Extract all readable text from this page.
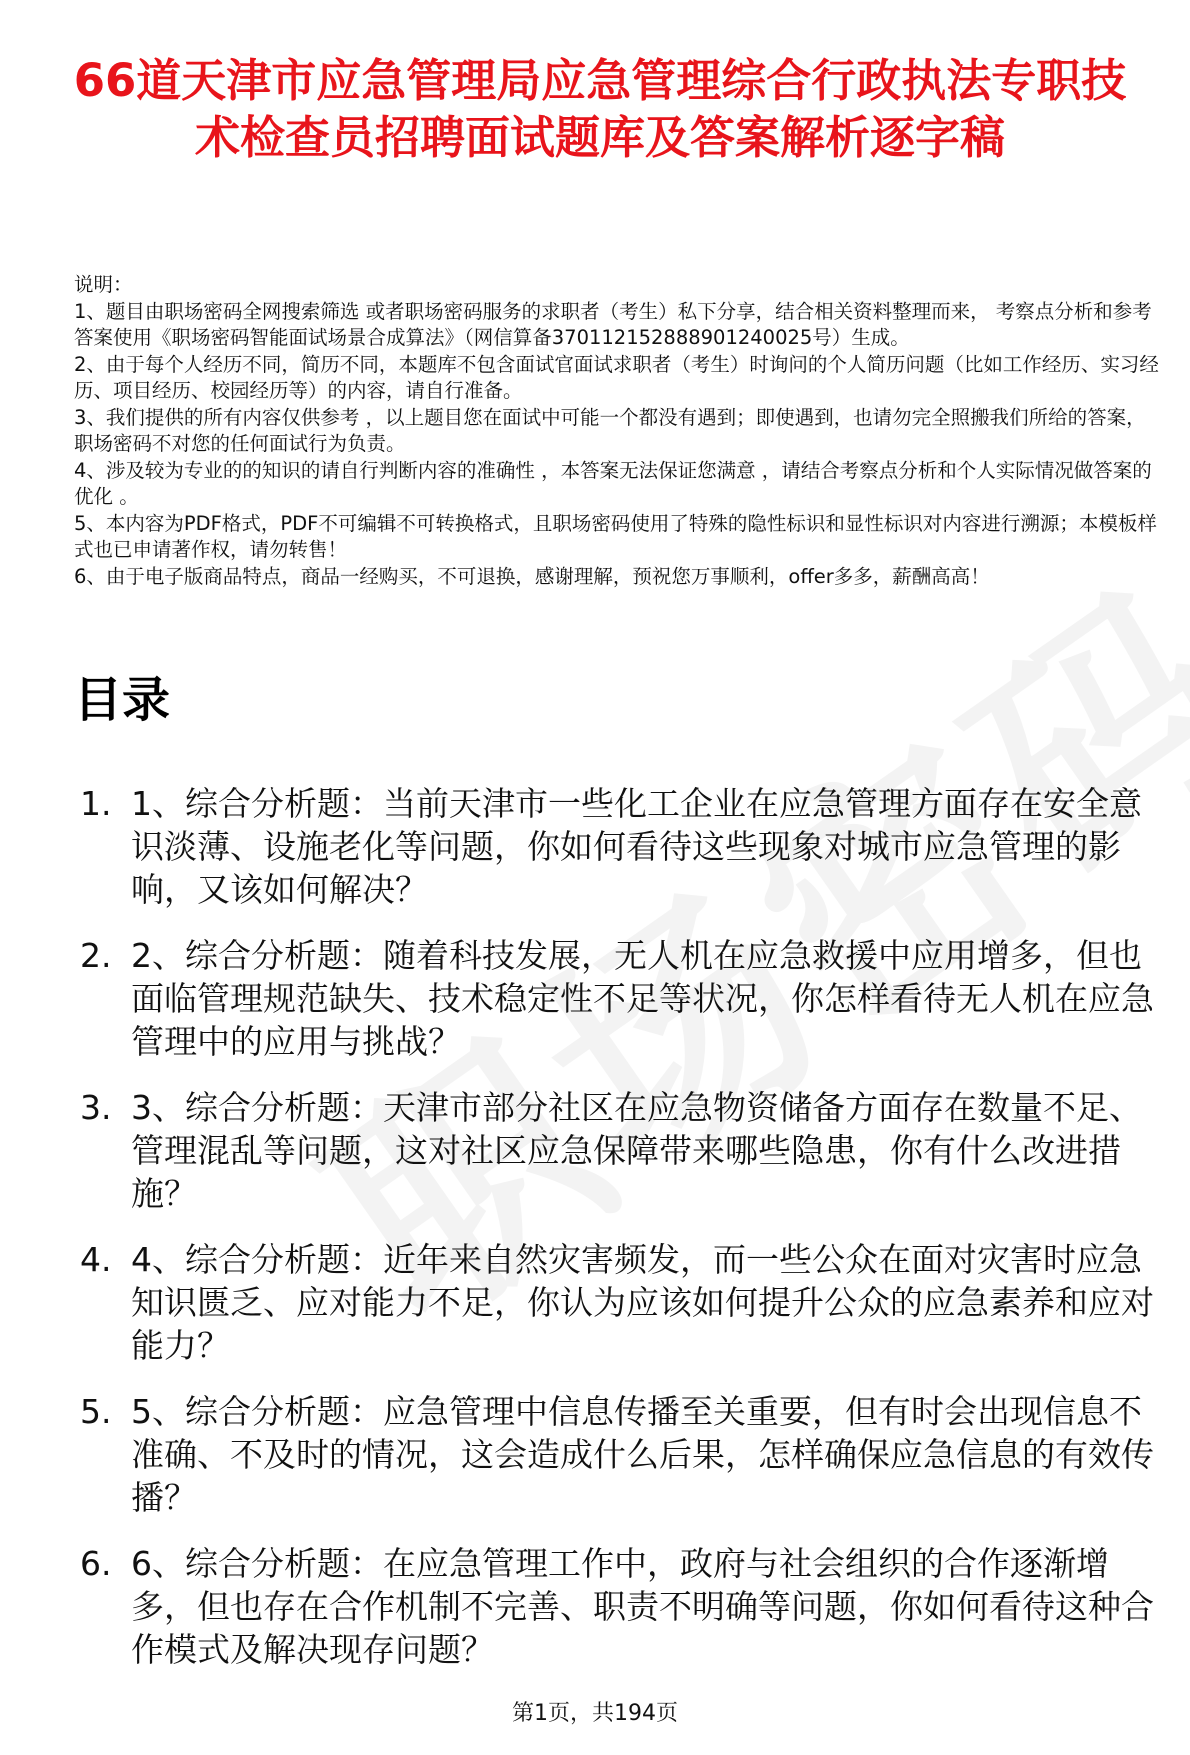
66道天津市应急管理局应急管理综合行政执法专职技术检查员招聘面试题库及答案解析逐字稿
说明：
1、题目由职场密码全网搜索筛选 或者职场密码服务的求职者（考生）私下分享，结合相关资料整理而来， 考察点分析和参考答案使用《职场密码智能面试场景合成算法》（网信算备370112152888901240025号）生成。
2、由于每个人经历不同，简历不同，本题库不包含面试官面试求职者（考生）时询问的个人简历问题（比如工作经历、实习经历、项目经历、校园经历等）的内容，请自行准备。
3、我们提供的所有内容仅供参考 ，以上题目您在面试中可能一个都没有遇到；即使遇到，也请勿完全照搬我们所给的答案，职场密码不对您的任何面试行为负责。
4、涉及较为专业的的知识的请自行判断内容的准确性 ，本答案无法保证您满意 ，请结合考察点分析和个人实际情况做答案的优化 。
5、本内容为PDF格式，PDF不可编辑不可转换格式，且职场密码使用了特殊的隐性标识和显性标识对内容进行溯源；本模板样式也已申请著作权，请勿转售！
6、由于电子版商品特点，商品一经购买，不可退换，感谢理解，预祝您万事顺利，offer多多，薪酬高高！
目录
1. 1、综合分析题：当前天津市一些化工企业在应急管理方面存在安全意识淡薄、设施老化等问题，你如何看待这些现象对城市应急管理的影响，又该如何解决？
2. 2、综合分析题：随着科技发展，无人机在应急救援中应用增多，但也面临管理规范缺失、技术稳定性不足等状况，你怎样看待无人机在应急管理中的应用与挑战？
3. 3、综合分析题：天津市部分社区在应急物资储备方面存在数量不足、管理混乱等问题，这对社区应急保障带来哪些隐患，你有什么改进措施？
4. 4、综合分析题：近年来自然灾害频发，而一些公众在面对灾害时应急知识匮乏、应对能力不足，你认为应该如何提升公众的应急素养和应对能力？
5. 5、综合分析题：应急管理中信息传播至关重要，但有时会出现信息不准确、不及时的情况，这会造成什么后果，怎样确保应急信息的有效传播？
6. 6、综合分析题：在应急管理工作中，政府与社会组织的合作逐渐增多，但也存在合作机制不完善、职责不明确等问题，你如何看待这种合作模式及解决现存问题？
第1页，共194页
